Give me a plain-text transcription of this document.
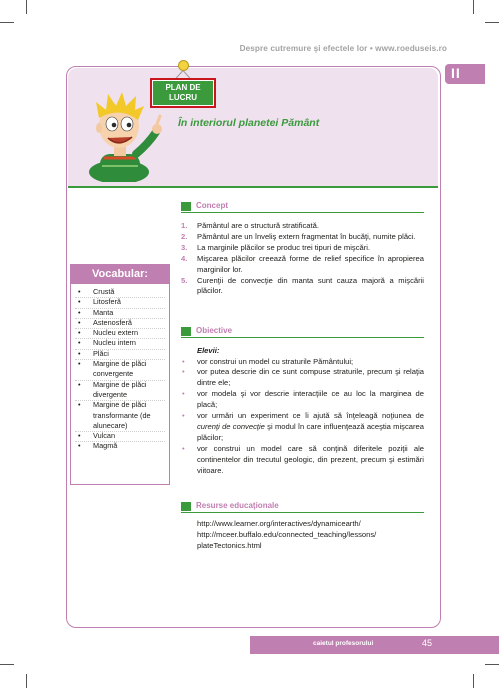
Despre cutremure şi efectele lor • www.roeduseis.ro
II
PLAN DE
LUCRU
În interiorul planetei Pământ
Vocabular:
• Crustă
• Litosferă
• Manta
• Astenosferă
• Nucleu extern
• Nucleu intern
• Plăci
• Margine de plăci convergente
• Margine de plăci divergente
• Margine de plăci transformante (de alunecare)
• Vulcan
• Magmă
Concept
1. Pământul are o structură stratificată.
2. Pământul are un înveliş extern fragmentat în bucăţi, numite plăci.
3. La marginile plăcilor se produc trei tipuri de mişcări.
4. Mişcarea plăcilor creează forme de relief specifice în apropierea marginilor lor.
5. Curenţii de convecţie din manta sunt cauza majoră a mişcării plăcilor.
Obiective
Elevii:
• vor construi un model cu straturile Pământului;
• vor putea descrie din ce sunt compuse straturile, precum şi relaţia dintre ele;
• vor modela şi vor descrie interacţiile ce au loc la marginea de placă;
• vor urmări un experiment ce îi ajută să înţeleagă noţiunea de curenţi de convecţie şi modul în care influenţează aceştia mişcarea plăcilor;
• vor construi un model care să conţină diferitele poziţii ale continentelor din trecutul geologic, din prezent, precum şi estimări viitoare.
Resurse educaţionale
http://www.learner.org/interactives/dynamicearth/
http://mceer.buffalo.edu/connected_teaching/lessons/
plateTectonics.html
caietul profesorului	45
